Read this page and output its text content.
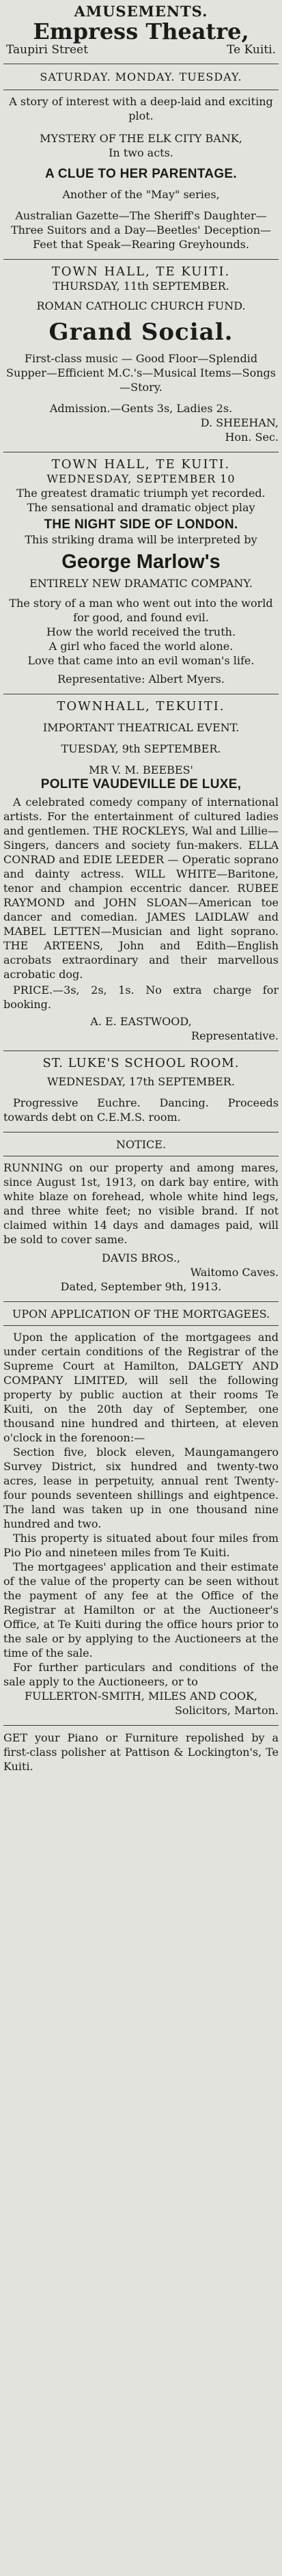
AMUSEMENTS.
Empress Theatre,
Taupiri Street	Te Kuiti.
SATURDAY. MONDAY. TUESDAY.
A story of interest with a deep-laid and exciting plot.
MYSTERY OF THE ELK CITY BANK,
In two acts.
A CLUE TO HER PARENTAGE.
Another of the "May" series,
Australian Gazette—The Sheriff's Daughter—Three Suitors and a Day—Beetles' Deception—Feet that Speak—Rearing Greyhounds.
TOWN HALL, TE KUITI.
THURSDAY, 11th SEPTEMBER.
ROMAN CATHOLIC CHURCH FUND.
Grand Social.
First-class music — Good Floor—Splendid Supper—Efficient M.C.'s—Musical Items—Songs—Story.
Admission.—Gents 3s, Ladies 2s.
D. SHEEHAN,
Hon. Sec.
TOWN HALL, TE KUITI.
WEDNESDAY, SEPTEMBER 10
The greatest dramatic triumph yet recorded.
The sensational and dramatic object play
THE NIGHT SIDE OF LONDON.
This striking drama will be interpreted by
George Marlow's
ENTIRELY NEW DRAMATIC COMPANY.
The story of a man who went out into the world for good, and found evil.
How the world received the truth.
A girl who faced the world alone.
Love that came into an evil woman's life.
Representative: Albert Myers.
TOWNHALL, TEKUITI.
IMPORTANT THEATRICAL EVENT.
TUESDAY, 9th SEPTEMBER.
MR V. M. BEEBES'
POLITE VAUDEVILLE DE LUXE,
A celebrated comedy company of international artists. For the entertainment of cultured ladies and gentlemen. THE ROCKLEYS, Wal and Lillie—Singers, dancers and society fun-makers. ELLA CONRAD and EDIE LEEDER — Operatic soprano and dainty actress. WILL WHITE—Baritone, tenor and champion eccentric dancer. RUBEE RAYMOND and JOHN SLOAN—American toe dancer and comedian. JAMES LAIDLAW and MABEL LETTEN—Musician and light soprano. THE ARTEENS, John and Edith—English acrobats extraordinary and their marvellous acrobatic dog.
PRICE.—3s, 2s, 1s. No extra charge for booking.
A. E. EASTWOOD,
Representative.
ST. LUKE'S SCHOOL ROOM.
WEDNESDAY, 17th SEPTEMBER.
Progressive Euchre. Dancing. Proceeds towards debt on C.E.M.S. room.
NOTICE.
RUNNING on our property and among mares, since August 1st, 1913, on dark bay entire, with white blaze on forehead, whole white hind legs, and three white feet; no visible brand. If not claimed within 14 days and damages paid, will be sold to cover same.
DAVIS BROS.,
Waitomo Caves.
Dated, September 9th, 1913.
UPON APPLICATION OF THE MORTGAGEES.
Upon the application of the mortgagees and under certain conditions of the Registrar of the Supreme Court at Hamilton, DALGETY AND COMPANY LIMITED, will sell the following property by public auction at their rooms Te Kuiti, on the 20th day of September, one thousand nine hundred and thirteen, at eleven o'clock in the forenoon:—
Section five, block eleven, Maungamangero Survey District, six hundred and twenty-two acres, lease in perpetuity, annual rent Twenty-four pounds seventeen shillings and eightpence. The land was taken up in one thousand nine hundred and two.
This property is situated about four miles from Pio Pio and nineteen miles from Te Kuiti.
The mortgagees' application and their estimate of the value of the property can be seen without the payment of any fee at the Office of the Registrar at Hamilton or at the Auctioneer's Office, at Te Kuiti during the office hours prior to the sale or by applying to the Auctioneers at the time of the sale.
For further particulars and conditions of the sale apply to the Auctioneers, or to
FULLERTON-SMITH, MILES AND COOK,
Solicitors, Marton.
GET your Piano or Furniture repolished by a first-class polisher at Pattison & Lockington's, Te Kuiti.
